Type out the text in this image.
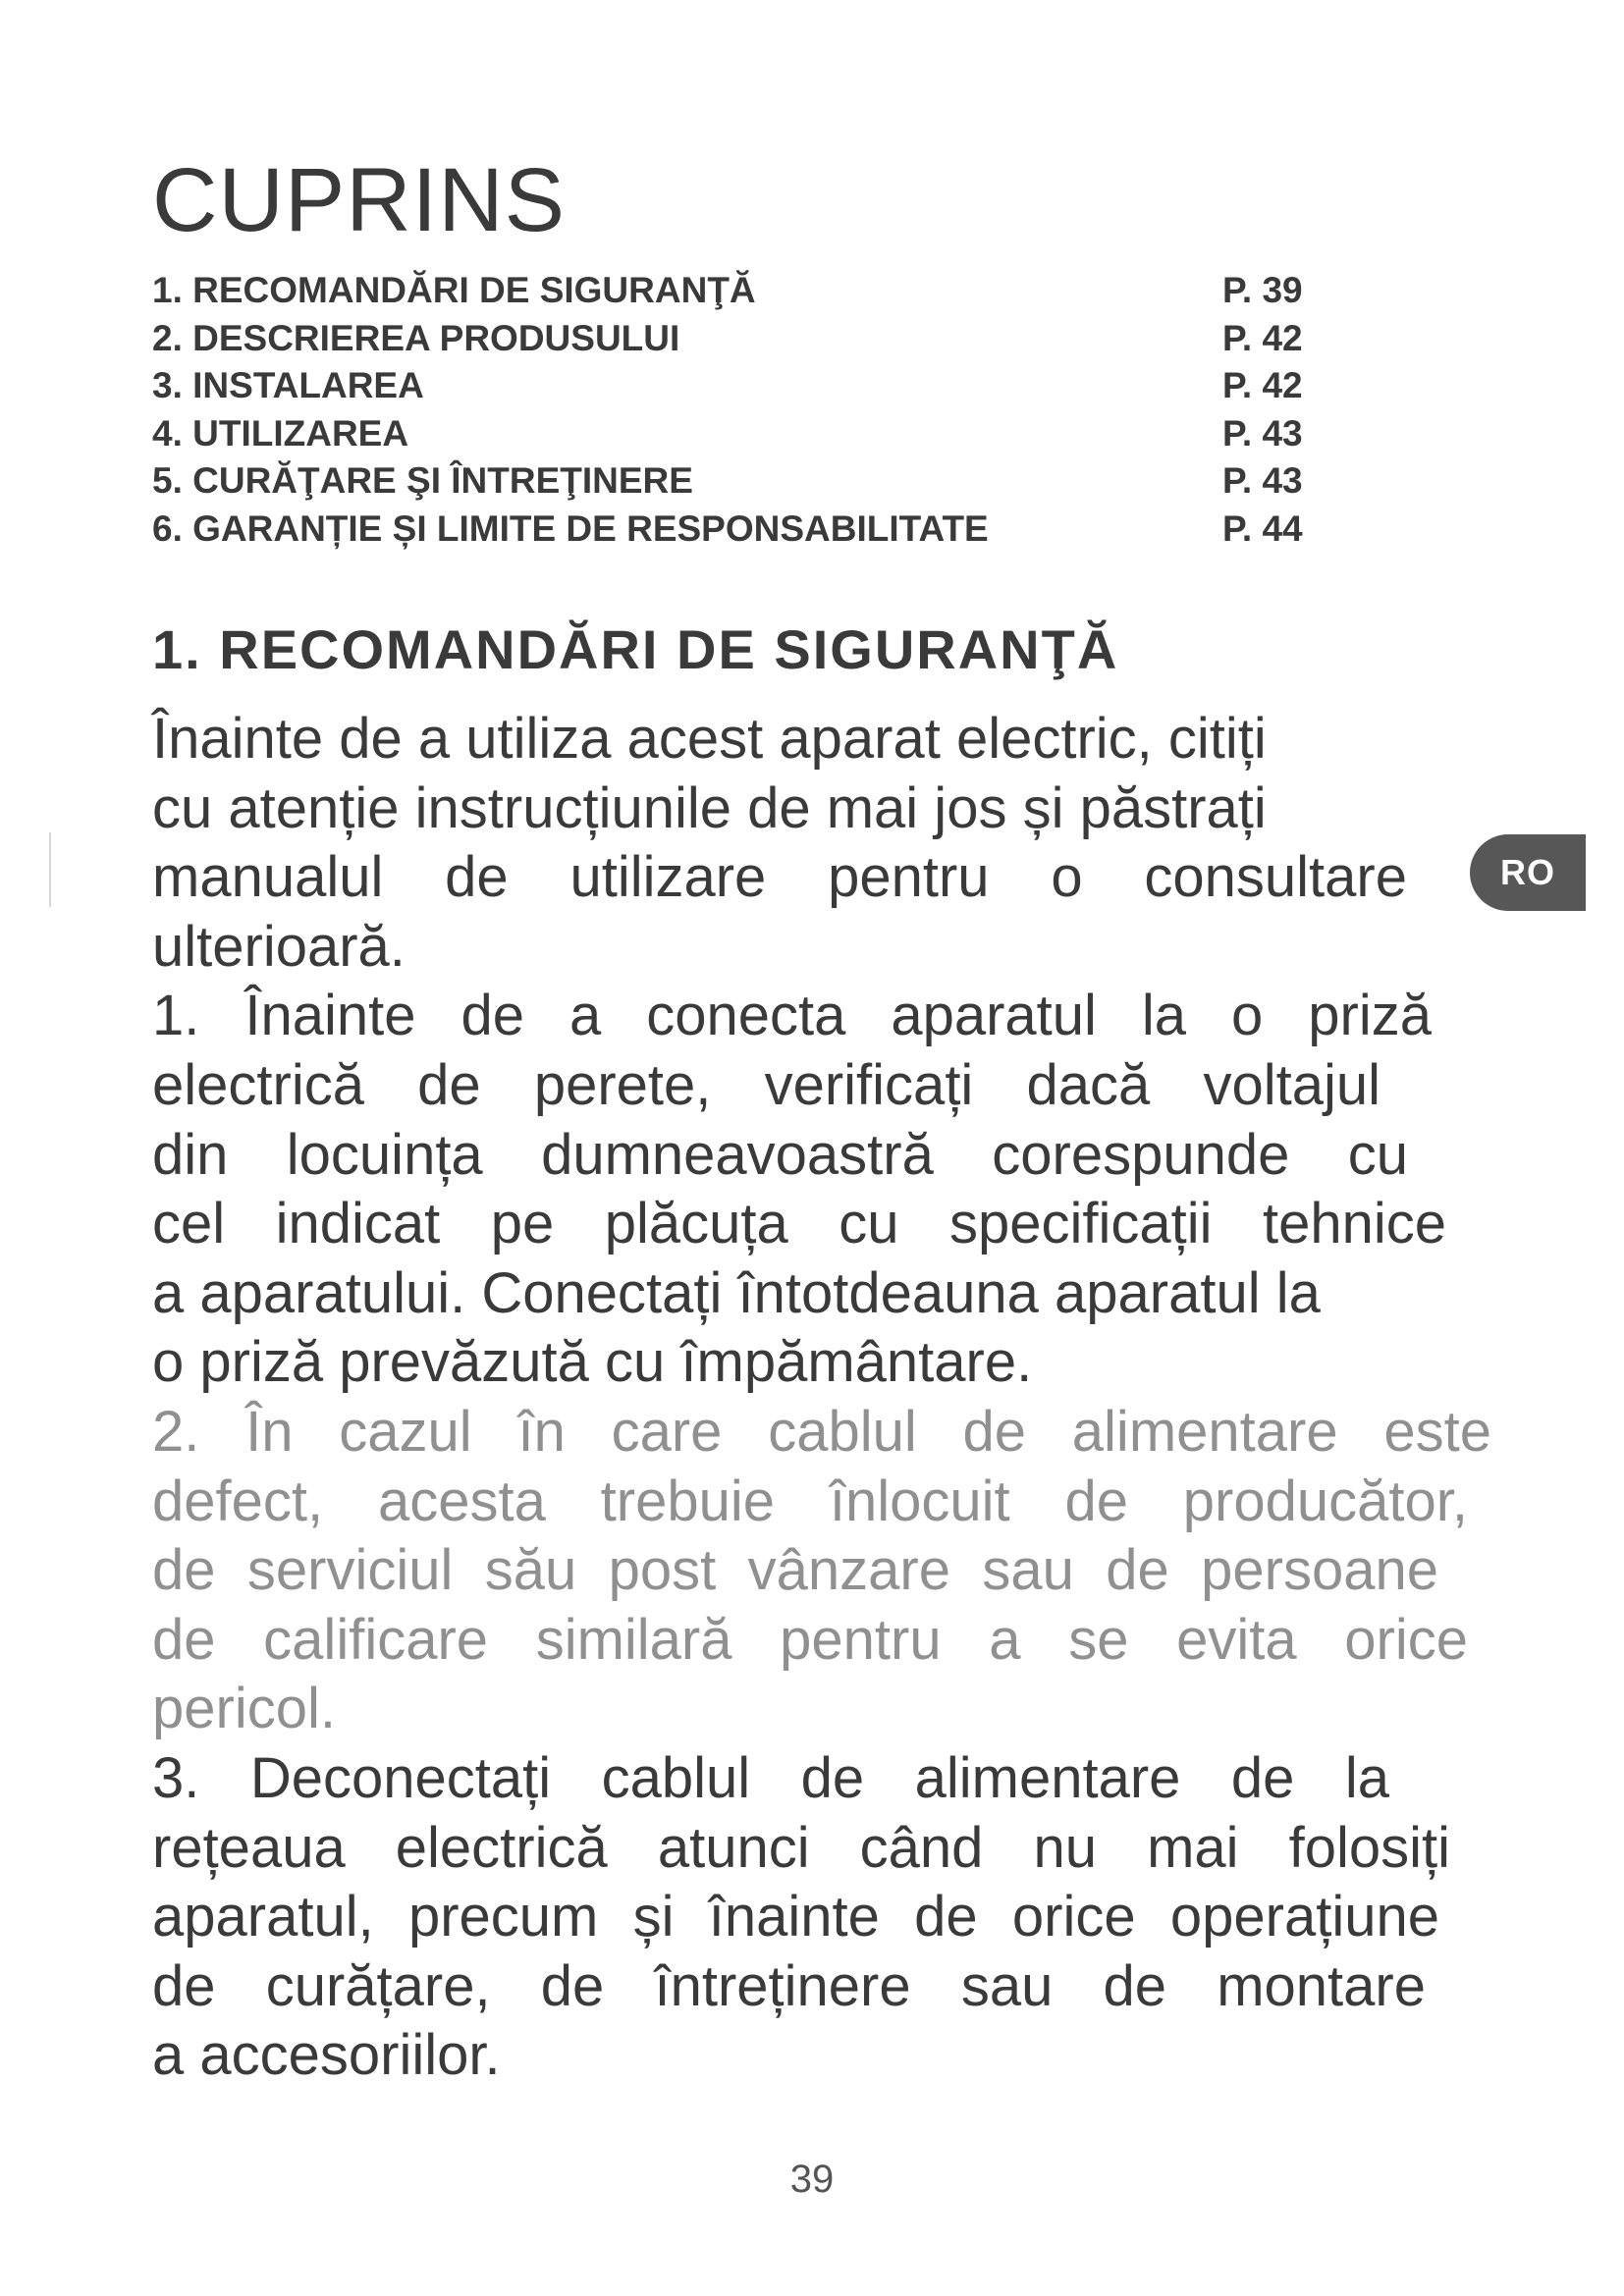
CUPRINS
1. RECOMANDĂRI DE SIGURANŢĂ	P. 39
2. DESCRIEREA PRODUSULUI	P. 42
3. INSTALAREA	P. 42
4. UTILIZAREA	P. 43
5. CURĂŢARE ŞI ÎNTREŢINERE	P. 43
6. GARANȚIE ȘI LIMITE DE RESPONSABILITATE	P. 44
1. RECOMANDĂRI DE SIGURANŢĂ

Înainte de a utiliza acest aparat electric, citiți
cu atenție instrucțiunile de mai jos și păstrați
manualul de utilizare pentru o consultare
ulterioară.

1. Înainte de a conecta aparatul la o priză
electrică de perete, verificați dacă voltajul
din locuința dumneavoastră corespunde cu
cel indicat pe plăcuța cu specificații tehnice
a aparatului. Conectați întotdeauna aparatul la
o priză prevăzută cu împământare.

2. În cazul în care cablul de alimentare este
defect, acesta trebuie înlocuit de producător,
de serviciul său post vânzare sau de persoane
de calificare similară pentru a se evita orice
pericol.

3. Deconectați cablul de alimentare de la
rețeaua electrică atunci când nu mai folosiți
aparatul, precum și înainte de orice operațiune
de curățare, de întreținere sau de montare
a accesoriilor.

RO
39
